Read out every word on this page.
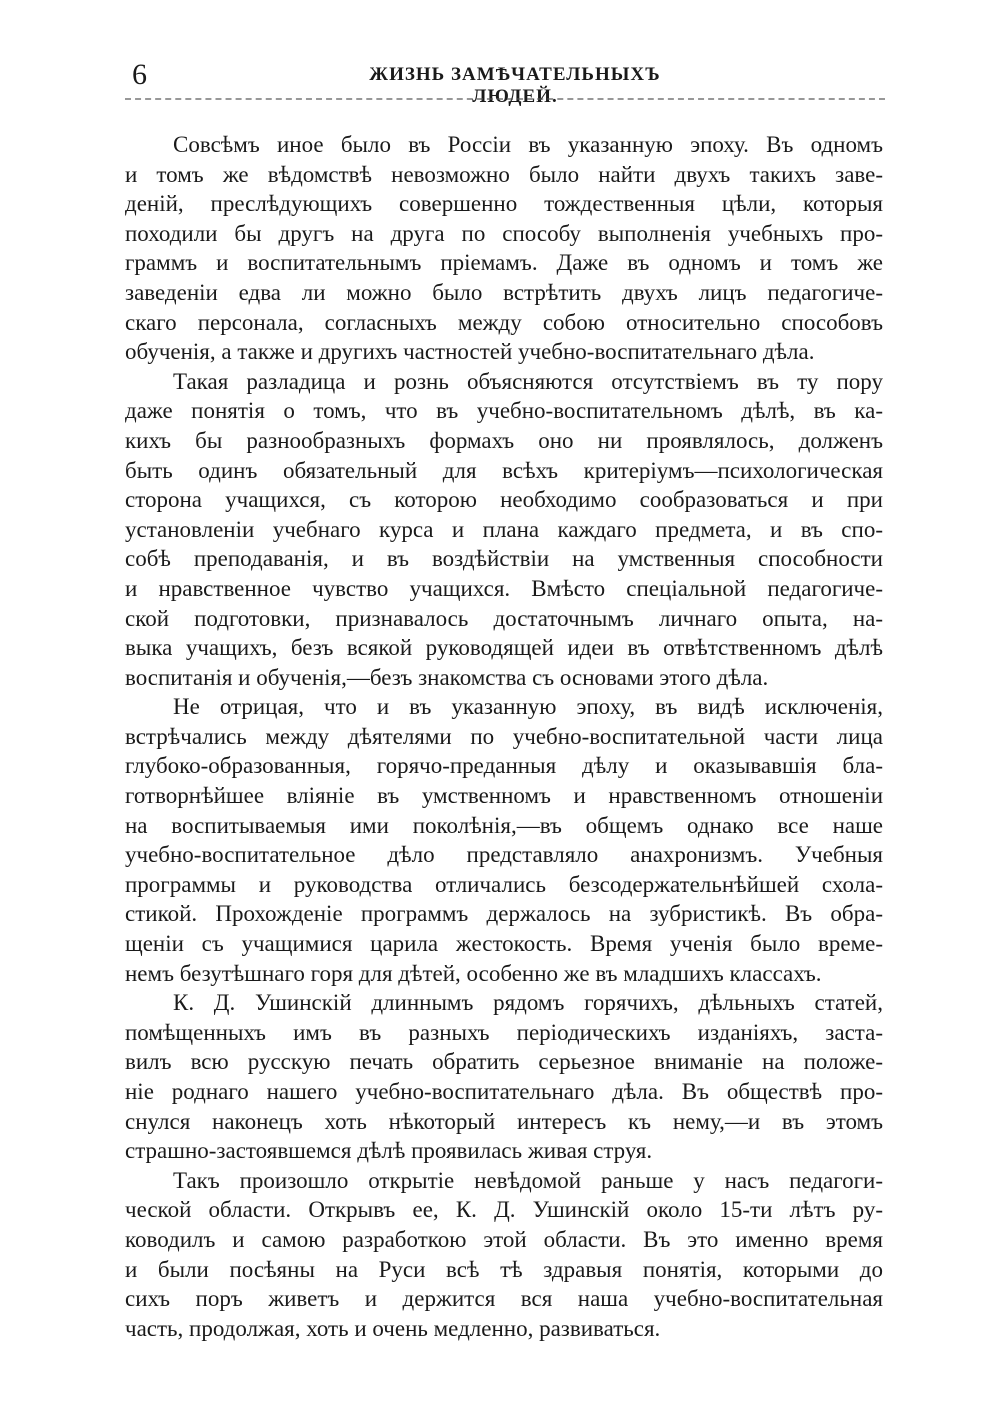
6	ЖИЗНЬ ЗАМѢЧАТЕЛЬНЫХЪ ЛЮДЕЙ.
Совсѣмъ иное было въ Россіи въ указанную эпоху. Въ одномъ
и томъ же вѣдомствѣ невозможно было найти двухъ такихъ заве-
деній, преслѣдующихъ совершенно тождественныя цѣли, которыя
походили бы другъ на друга по способу выполненія учебныхъ про-
граммъ и воспитательнымъ пріемамъ. Даже въ одномъ и томъ же
заведеніи едва ли можно было встрѣтить двухъ лицъ педагогиче-
скаго персонала, согласныхъ между собою относительно способовъ
обученія, а также и другихъ частностей учебно-воспитательнаго дѣла.
Такая разладица и рознь объясняются отсутствіемъ въ ту пору
даже понятія о томъ, что въ учебно-воспитательномъ дѣлѣ, въ ка-
кихъ бы разнообразныхъ формахъ оно ни проявлялось, долженъ
быть одинъ обязательный для всѣхъ критеріумъ—психологическая
сторона учащихся, съ которою необходимо сообразоваться и при
установленіи учебнаго курса и плана каждаго предмета, и въ спо-
собѣ преподаванія, и въ воздѣйствіи на умственныя способности
и нравственное чувство учащихся. Вмѣсто спеціальной педагогиче-
ской подготовки, признавалось достаточнымъ личнаго опыта, на-
выка учащихъ, безъ всякой руководящей идеи въ отвѣтственномъ дѣлѣ
воспитанія и обученія,—безъ знакомства съ основами этого дѣла.
Не отрицая, что и въ указанную эпоху, въ видѣ исключенія,
встрѣчались между дѣятелями по учебно-воспитательной части лица
глубоко-образованныя, горячо-преданныя дѣлу и оказывавшія бла-
готворнѣйшее вліяніе въ умственномъ и нравственномъ отношеніи
на воспитываемыя ими поколѣнія,—въ общемъ однако все наше
учебно-воспитательное дѣло представляло анахронизмъ. Учебныя
программы и руководства отличались безсодержательнѣйшей схола-
стикой. Прохожденіе программъ держалось на зубристикѣ. Въ обра-
щеніи съ учащимися царила жестокость. Время ученія было време-
немъ безутѣшнаго горя для дѣтей, особенно же въ младшихъ классахъ.
К. Д. Ушинскій длиннымъ рядомъ горячихъ, дѣльныхъ статей,
помѣщенныхъ имъ въ разныхъ періодическихъ изданіяхъ, заста-
вилъ всю русскую печать обратить серьезное вниманіе на положе-
ніе роднаго нашего учебно-воспитательнаго дѣла. Въ обществѣ про-
снулся наконецъ хоть нѣкоторый интересъ къ нему,—и въ этомъ
страшно-застоявшемся дѣлѣ проявилась живая струя.
Такъ произошло открытіе невѣдомой раньше у насъ педагоги-
ческой области. Открывъ ее, К. Д. Ушинскій около 15-ти лѣтъ ру-
ководилъ и самою разработкою этой области. Въ это именно время
и были посѣяны на Руси всѣ тѣ здравыя понятія, которыми до
сихъ поръ живетъ и держится вся наша учебно-воспитательная
часть, продолжая, хоть и очень медленно, развиваться.
